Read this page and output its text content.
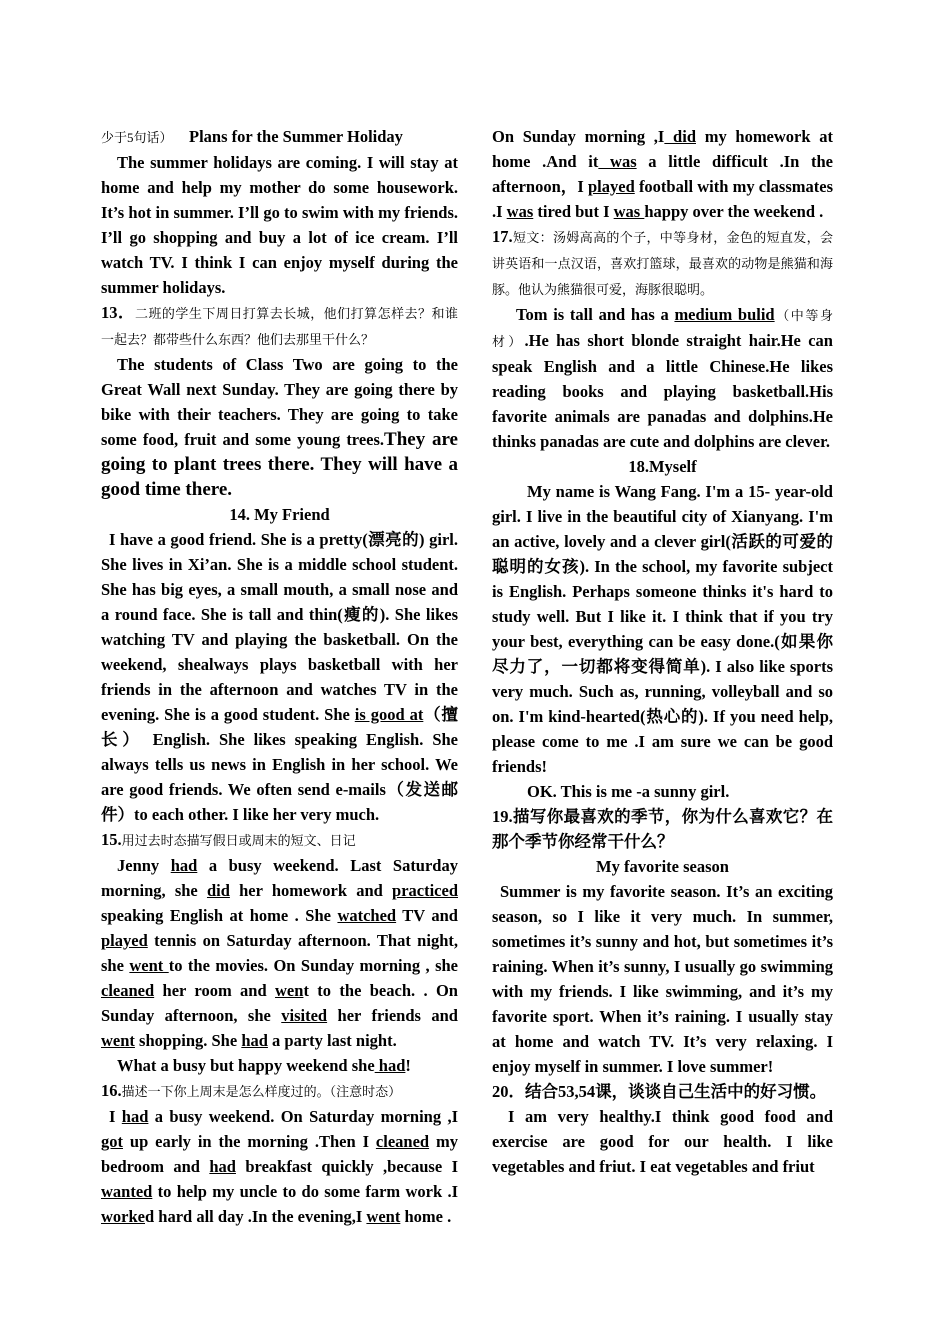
少于5句话） Plans for the Summer Holiday

The summer holidays are coming. I will stay at home and help my mother do some housework. It’s hot in summer. I’ll go to swim with my friends. I’ll go shopping and buy a lot of ice cream. I’ll watch TV. I think I can enjoy myself during the summer holidays.

13．二班的学生下周日打算去长城，他们打算怎样去？和谁一起去？都带些什么东西？他们去那里干什么？

The students of Class Two are going to the Great Wall next Sunday. They are going there by bike with their teachers. They are going to take some food, fruit and some young trees.They are going to plant trees there. They will have a good time there.

14. My Friend

I have a good friend. She is a pretty(漂亮的) girl. She lives in Xi’an. She is a middle school student. She has big eyes, a small mouth, a small nose and a round face. She is tall and thin(瘦的). She likes watching TV and playing the basketball. On the weekend, shealways plays basketball with her friends in the afternoon and watches TV in the evening. She is a good student. She is good at（擅长） English. She likes speaking English. She always tells us news in English in her school. We are good friends. We often send e-mails（发送邮件）to each other. I like her very much.

15.用过去时态描写假日或周末的短文、日记

Jenny had a busy weekend. Last Saturday morning, she did her homework and practiced speaking English at home . She watched TV and played tennis on Saturday afternoon. That night, she went to the movies. On Sunday morning , she cleaned her room and went to the beach. . On Sunday afternoon, she visited her friends and went shopping. She had a party last night.

What a busy but happy weekend she had!

16.描述一下你上周末是怎么样度过的。（注意时态）

I had a busy weekend. On Saturday morning ,I got up early in the morning .Then I cleaned my bedroom and had breakfast quickly ,because I wanted to help my uncle to do some farm work .I worked hard all day .In the evening,I went home .

On Sunday morning ,I did my homework at home .And it was a little difficult .In the afternoon，I played football with my classmates .I was tired but I was happy over the weekend .

17.短文：汤姆高高的个子，中等身材，金色的短直发，会讲英语和一点汉语，喜欢打篮球，最喜欢的动物是熊猫和海豚。他认为熊猫很可爱，海豚很聪明。

Tom is tall and has a medium bulid（中等身材）.He has short blonde straight hair.He can speak English and a little Chinese.He likes reading books and playing basketball.His favorite animals are panadas and dolphins.He thinks panadas are cute and dolphins are clever.

18.Myself

My name is Wang Fang. I'm a 15- year-old girl. I live in the beautiful city of Xianyang. I'm an active, lovely and a clever girl(活跃的可爱的聪明的女孩). In the school, my favorite subject is English. Perhaps someone thinks it's hard to study well. But I like it. I think that if you try your best, everything can be easy done.(如果你尽力了，一切都将变得简单). I also like sports very much. Such as, running, volleyball and so on. I'm kind-hearted(热心的). If you need help, please come to me .I am sure we can be good friends!

OK. This is me -a sunny girl.

19.描写你最喜欢的季节，你为什么喜欢它？在那个季节你经常干什么？

My favorite season

Summer is my favorite season. It’s an exciting season, so I like it very much. In summer, sometimes it’s sunny and hot, but sometimes it’s raining. When it’s sunny, I usually go swimming with my friends. I like swimming, and it’s my favorite sport. When it’s raining. I usually stay at home and watch TV. It’s very relaxing. I enjoy myself in summer. I love summer!

20．结合53,54课，谈谈自己生活中的好习惯。

I am very healthy.I think good food and exercise are good for our health. I like vegetables and friut. I eat vegetables and friut
